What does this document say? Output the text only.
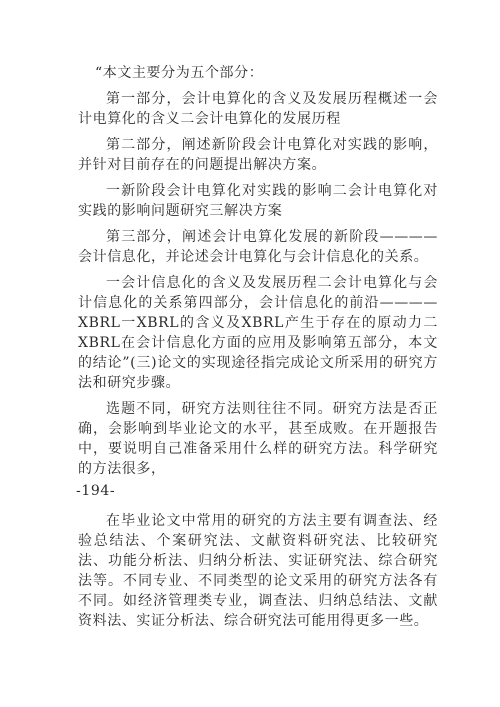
“本文主要分为五个部分：

第一部分，会计电算化的含义及发展历程概述一会计电算化的含义二会计电算化的发展历程

第二部分，阐述新阶段会计电算化对实践的影响，并针对目前存在的问题提出解决方案。

一新阶段会计电算化对实践的影响二会计电算化对实践的影响问题研究三解决方案

第三部分，阐述会计电算化发展的新阶段————会计信息化，并论述会计电算化与会计信息化的关系。

一会计信息化的含义及发展历程二会计电算化与会计信息化的关系第四部分，会计信息化的前沿————XBRL一XBRL的含义及XBRL产生于存在的原动力二XBRL在会计信息化方面的应用及影响第五部分，本文的结论”(三)论文的实现途径指完成论文所采用的研究方法和研究步骤。

选题不同，研究方法则往往不同。研究方法是否正确，会影响到毕业论文的水平，甚至成败。在开题报告中，要说明自己准备采用什么样的研究方法。科学研究的方法很多，

-194-

在毕业论文中常用的研究的方法主要有调查法、经验总结法、个案研究法、文献资料研究法、比较研究法、功能分析法、归纳分析法、实证研究法、综合研究法等。不同专业、不同类型的论文采用的研究方法各有不同。如经济管理类专业，调查法、归纳总结法、文献资料法、实证分析法、综合研究法可能用得更多一些。
